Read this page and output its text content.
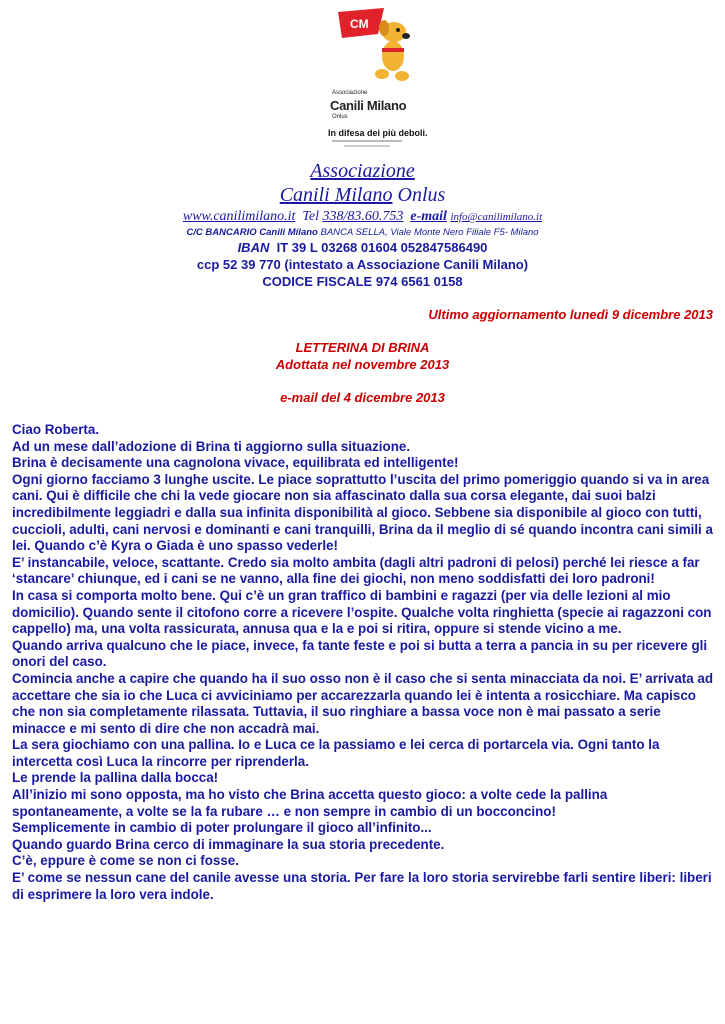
CM
Associazione
Canili Milano
Onlus
In difesa dei più deboli.
Associazione
Canili Milano Onlus
www.canilimilano.it Tel 338/83.60.753 e-mail info@canilimilano.it
C/C BANCARIO Canili Milano BANCA SELLA, Viale Monte Nero Filiale F5- Milano
IBAN IT 39 L 03268 01604 052847586490
ccp 52 39 770 (intestato a Associazione Canili Milano)
CODICE FISCALE 974 6561 0158
Ultimo aggiornamento lunedì 9 dicembre 2013
LETTERINA DI BRINA
Adottata nel novembre 2013
e-mail del 4 dicembre 2013

Ciao Roberta.

Ad un mese dall’adozione di Brina ti aggiorno sulla situazione.

Brina è decisamente una cagnolona vivace, equilibrata ed intelligente!

Ogni giorno facciamo 3 lunghe uscite. Le piace soprattutto l’uscita del primo pomeriggio quando si va in area cani. Qui è difficile che chi la vede giocare non sia affascinato dalla sua corsa elegante, dai suoi balzi incredibilmente leggiadri e dalla sua infinita disponibilità al gioco. Sebbene sia disponibile al gioco con tutti, cuccioli, adulti, cani nervosi e dominanti e cani tranquilli, Brina da il meglio di sé quando incontra cani simili a lei. Quando c’è Kyra o Giada è uno spasso vederle!

E’ instancabile, veloce, scattante. Credo sia molto ambita (dagli altri padroni di pelosi) perché lei riesce a far ‘stancare’ chiunque, ed i cani se ne vanno, alla fine dei giochi, non meno soddisfatti dei loro padroni!

In casa si comporta molto bene. Qui c’è un gran traffico di bambini e ragazzi (per via delle lezioni al mio domicilio). Quando sente il citofono corre a ricevere l’ospite. Qualche volta ringhietta (specie ai ragazzoni con cappello) ma, una volta rassicurata, annusa qua e la e poi si ritira, oppure si stende vicino a me.

Quando arriva qualcuno che le piace, invece, fa tante feste e poi si butta a terra a pancia in su per ricevere gli onori del caso.

Comincia anche a capire che quando ha il suo osso non è il caso che si senta minacciata da noi. E’ arrivata ad accettare che sia io che Luca ci avviciniamo per accarezzarla quando lei è intenta a rosicchiare. Ma capisco che non sia completamente rilassata. Tuttavia, il suo ringhiare a bassa voce non è mai passato a serie minacce e mi sento di dire che non accadrà mai.

La sera giochiamo con una pallina. Io e Luca ce la passiamo e lei cerca di portarcela via. Ogni tanto la intercetta così Luca la rincorre per riprenderla.

Le prende la pallina dalla bocca!

All’inizio mi sono opposta, ma ho visto che Brina accetta questo gioco: a volte cede la pallina spontaneamente, a volte se la fa rubare … e non sempre in cambio di un bocconcino!

Semplicemente in cambio di poter prolungare il gioco all’infinito...

Quando guardo Brina cerco di immaginare la sua storia precedente.

C’è, eppure è come se non ci fosse.

E’ come se nessun cane del canile avesse una storia. Per fare la loro storia servirebbe farli sentire liberi: liberi di esprimere la loro vera indole.
